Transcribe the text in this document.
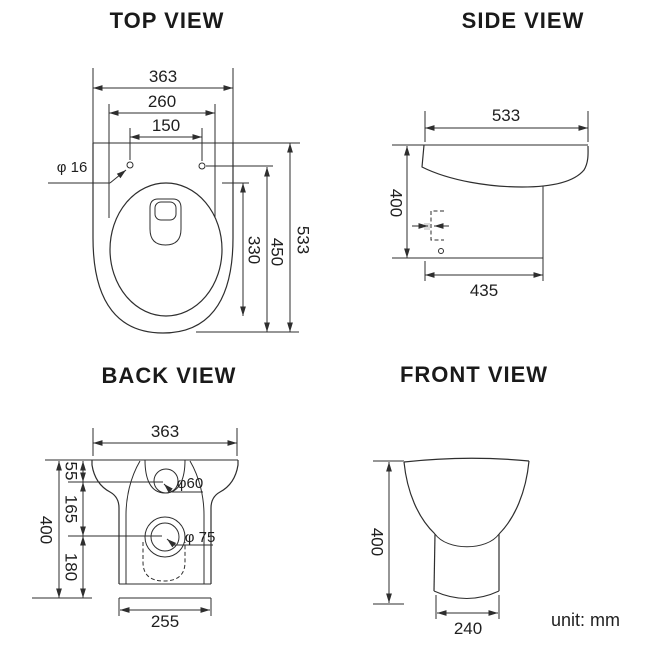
TOP VIEW
363
260
150
φ 16
330 450 533
SIDE VIEW
533
400
435
BACK VIEW
363
55
165
180
400
φ60
φ 75
255
FRONT VIEW
400
240	unit: mm
